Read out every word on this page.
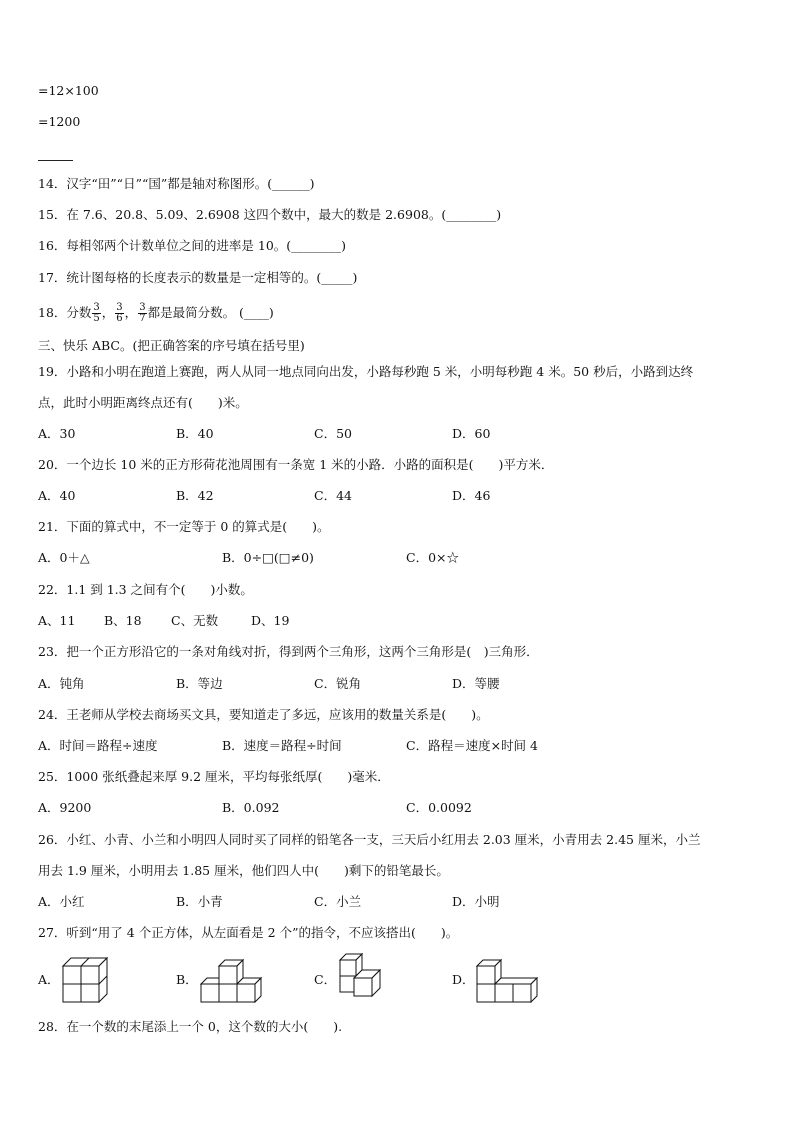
=12×100
=1200
14．汉字“田”“日”“国”都是轴对称图形。(______)
15．在 7.6、20.8、5.09、2.6908 这四个数中，最大的数是 2.6908。(________)
16．每相邻两个计数单位之间的进率是 10。(________)
17．统计图每格的长度表示的数量是一定相等的。(_____)
18．分数 $\frac{3}{5}$ ， $\frac{3}{6}$ ， $\frac{3}{7}$ 都是最简分数。 (____)
三、快乐 ABC。(把正确答案的序号填在括号里)
19．小路和小明在跑道上赛跑，两人从同一地点同向出发，小路每秒跑 5 米，小明每秒跑 4 米。50 秒后，小路到达终
点，此时小明距离终点还有(　　)米。
A．30	B．40	C．50	D．60
20．一个边长 10 米的正方形荷花池周围有一条宽 1 米的小路．小路的面积是(　　)平方米．
A．40	B．42	C．44	D．46
21．下面的算式中，不一定等于 0 的算式是(　　)。
A．0＋△	B．0÷□(□≠0)	C．0×☆
22．1.1 到 1.3 之间有个(　　)小数。
A、11 B、18 C、无数	D、19
23．把一个正方形沿它的一条对角线对折，得到两个三角形，这两个三角形是(　)三角形．
A．钝角	B．等边	C．锐角	D．等腰
24．王老师从学校去商场买文具，要知道走了多远，应该用的数量关系是(　　)。
A．时间＝路程÷速度	B．速度＝路程÷时间	C．路程＝速度×时间 4
25．1000 张纸叠起来厚 9.2 厘米，平均每张纸厚(　　)毫米．
A．9200	B．0.092	C．0.0092
26．小红、小青、小兰和小明四人同时买了同样的铅笔各一支，三天后小红用去 2.03 厘米，小青用去 2.45 厘米，小兰
用去 1.9 厘米，小明用去 1.85 厘米，他们四人中(　　)剩下的铅笔最长。
A．小红	B．小青	C．小兰	D．小明
27．听到“用了 4 个正方体，从左面看是 2 个”的指令，不应该搭出(　　)。
A．	B．	C．	D．
28．在一个数的末尾添上一个 0，这个数的大小(　　).
